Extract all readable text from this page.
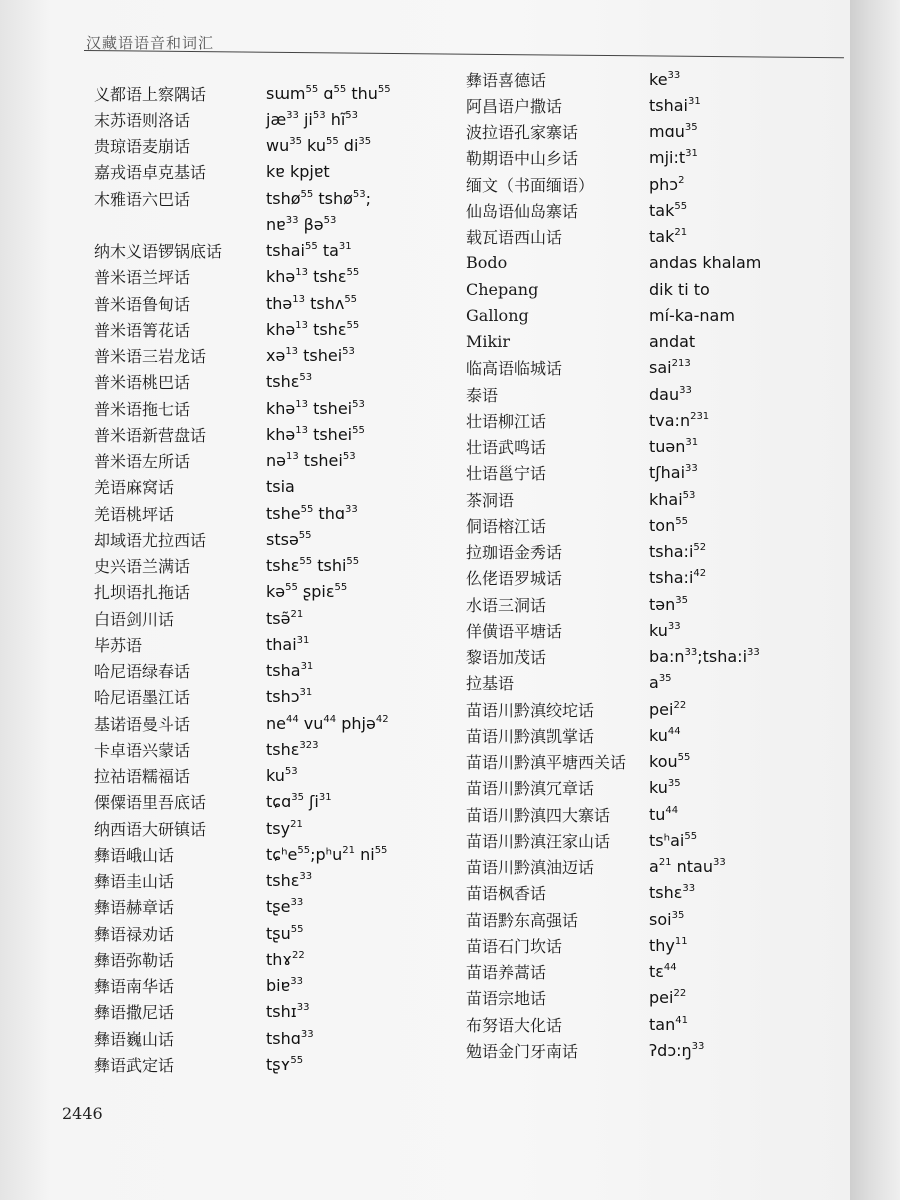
汉藏语语音和词汇
义都语上察隅话	sɯm$^{55}$ ɑ$^{55}$ thu$^{55}$
末苏语则洛话	$jæ^{33}$ $ji^{53}$ $hĩ^{53}$
贵琼语麦崩话	$wu^{35}$ $ku^{55}$ $di^{35}$
嘉戎语卓克基话	kɐ kpjɐt
木雅语六巴话	tshø$^{55}$ tshø$^{53}$;
nɐ$^{33}$ βə$^{53}$
纳木义语锣锅底话	tshai$^{55}$ $ta^{31}$
普米语兰坪话	khə$^{13}$ tshɛ$^{55}$
普米语鲁甸话	thə$^{13}$ tshʌ$^{55}$
普米语箐花话	khə$^{13}$ tshɛ$^{55}$
普米语三岩龙话	xə$^{13}$ tshei$^{53}$
普米语桃巴话	tshɛ$^{53}$
普米语拖七话	khə$^{13}$ tshei$^{53}$
普米语新营盘话	khə$^{13}$ tshei$^{55}$
普米语左所话	nə$^{13}$ tshei$^{53}$
羌语麻窝话	tsia
羌语桃坪话	tshe$^{55}$ thɑ$^{33}$
却域语尤拉西话	stsə$^{55}$
史兴语兰满话	tshɛ$^{55}$ tshi$^{55}$
扎坝语扎拖话	kə$^{55}$ ʂpiɛ$^{55}$
白语剑川话	tsə̃$^{21}$
毕苏语	thai$^{31}$
哈尼语绿春话	tsha$^{31}$
哈尼语墨江话	tshɔ$^{31}$
基诺语曼斗话	$ne^{44}$ $vu^{44}$ phjə$^{42}$
卡卓语兴蒙话	tshɛ$^{323}$
拉祜语糯福话	$ku^{53}$
傈僳语里吾底话	tɕɑ$^{35}$ ʃi$^{31}$
纳西语大研镇话	tsy$^{21}$
彝语峨山话	tɕʰe$^{55}$;pʰu$^{21}$ $ni^{55}$
彝语圭山话	tshɛ$^{33}$
彝语赫章话	tʂe$^{33}$
彝语禄劝话	tʂu$^{55}$
彝语弥勒话	thɤ$^{22}$
彝语南华话	biɐ$^{33}$
彝语撒尼话	tshɪ$^{33}$
彝语巍山话	tshɑ$^{33}$
彝语武定话	tʂʏ$^{55}$
彝语喜德话	$ke^{33}$
阿昌语户撒话	tshai$^{31}$
波拉语孔家寨话	mɑu$^{35}$
勒期语中山乡话	$mji:t^{31}$
缅文（书面缅语）	phɔ$^2$
仙岛语仙岛寨话	tak$^{55}$
载瓦语西山话	tak$^{21}$
Bodo	andas khalam
Chepang	dik ti to
Gallong	mí-ka-nam
Mikir	andat
临高语临城话	sai$^{213}$
泰语	dau$^{33}$
壮语柳江话	$tva:n^{231}$
壮语武鸣话	tuən$^{31}$
壮语邕宁话	tʃhai$^{33}$
茶洞语	khai$^{53}$
侗语榕江话	ton$^{55}$
拉珈语金秀话	$tsha:i^{52}$
仫佬语罗城话	$tsha:i^{42}$
水语三洞话	tən$^{35}$
佯僙语平塘话	$ku^{33}$
黎语加茂话	$ba:n^{33};tsha:i^{33}$
拉基语	$a^{35}$
苗语川黔滇绞坨话	pei$^{22}$
苗语川黔滇凯掌话	$ku^{44}$
苗语川黔滇平塘西关话	kou$^{55}$
苗语川黔滇冗章话	$ku^{35}$
苗语川黔滇四大寨话	$tu^{44}$
苗语川黔滇汪家山话	tsʰai$^{55}$
苗语川黔滇油迈话	$a^{21}$ ntau$^{33}$
苗语枫香话	tshɛ$^{33}$
苗语黔东高强话	soi$^{35}$
苗语石门坎话	thy$^{11}$
苗语养蒿话	tɛ$^{44}$
苗语宗地话	pei$^{22}$
布努语大化话	$\tan^{41}$
勉语金门牙南话	$ʔdɔ:ŋ^{33}$
2446
